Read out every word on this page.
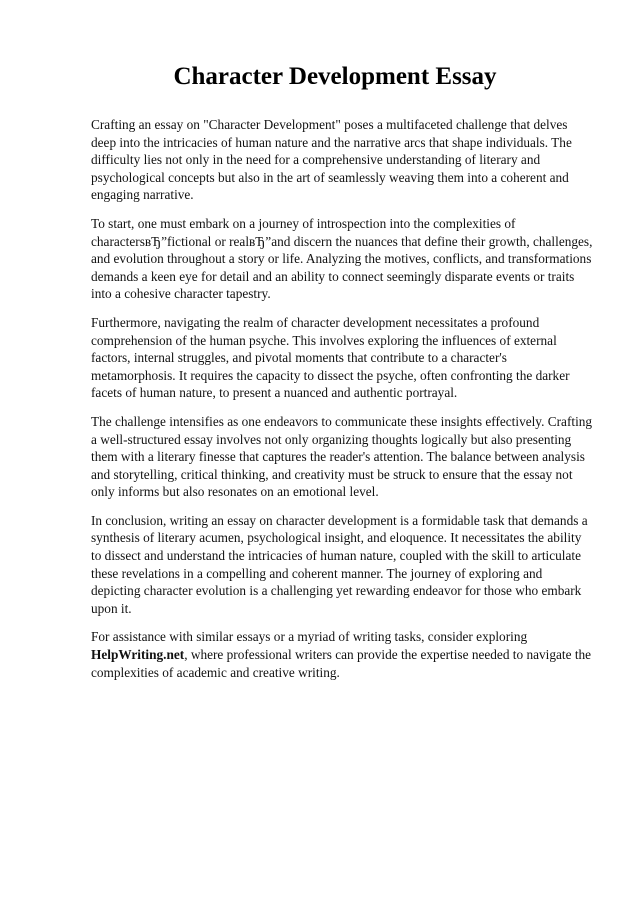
Character Development Essay

Crafting an essay on "Character Development" poses a multifaceted challenge that delves deep into the intricacies of human nature and the narrative arcs that shape individuals. The difficulty lies not only in the need for a comprehensive understanding of literary and psychological concepts but also in the art of seamlessly weaving them into a coherent and engaging narrative.

To start, one must embark on a journey of introspection into the complexities of charactersвЂ”fictional or realвЂ”and discern the nuances that define their growth, challenges, and evolution throughout a story or life. Analyzing the motives, conflicts, and transformations demands a keen eye for detail and an ability to connect seemingly disparate events or traits into a cohesive character tapestry.

Furthermore, navigating the realm of character development necessitates a profound comprehension of the human psyche. This involves exploring the influences of external factors, internal struggles, and pivotal moments that contribute to a character's metamorphosis. It requires the capacity to dissect the psyche, often confronting the darker facets of human nature, to present a nuanced and authentic portrayal.

The challenge intensifies as one endeavors to communicate these insights effectively. Crafting a well-structured essay involves not only organizing thoughts logically but also presenting them with a literary finesse that captures the reader's attention. The balance between analysis and storytelling, critical thinking, and creativity must be struck to ensure that the essay not only informs but also resonates on an emotional level.

In conclusion, writing an essay on character development is a formidable task that demands a synthesis of literary acumen, psychological insight, and eloquence. It necessitates the ability to dissect and understand the intricacies of human nature, coupled with the skill to articulate these revelations in a compelling and coherent manner. The journey of exploring and depicting character evolution is a challenging yet rewarding endeavor for those who embark upon it.

For assistance with similar essays or a myriad of writing tasks, consider exploring HelpWriting.net, where professional writers can provide the expertise needed to navigate the complexities of academic and creative writing.
